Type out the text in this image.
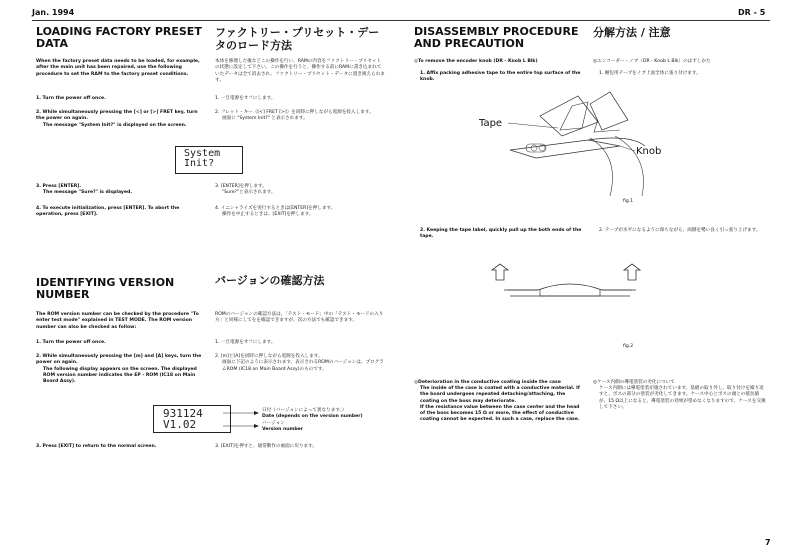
Jan. 1994	DR - 5
LOADING FACTORY PRESET
DATA
ファクトリー・プリセット・デー
タのロード方法

When the factory preset data needs to be loaded, for example, after the main unit has been repaired, use the following procedure to set the RAM to the factory preset conditions.

本体を修理した後などこの操作を行い、RAMの内容をファクトリー・プリセットの状態に設定して下さい。この操作を行うと、操作する前にRAMに書き込まれていたデータは全て消去され、ファクトリー・プリセット・データに置き換えられます。

1. Turn the power off once.	1. 一旦電源をオフにします。

2. While simultaneously pressing the [<] or [>] FRET key, turn the power on again.

The message "System Init?" is displayed on the screen.

2. フレット・キー（[<] FRET [>]）を同時に押しながら電源を投入します。

画面に "System Init?" と表示されます。

System
Init?

3. Press [ENTER].

The message "Sure?" is displayed.

3. [ENTER]を押します。

"Sure?"と表示されます。

4. To execute initialization, press [ENTER]. To abort the operation, press [EXIT].

4. イニシャライズを実行するときは[ENTER]を押します。

操作を中止するときは、[EXIT]を押します。

IDENTIFYING VERSION
NUMBER
バージョンの確認方法

The ROM version number can be checked by the procedure "To enter test mode" explained in TEST MODE. The ROM version number can also be checked as follow:

ROMのバージョンの確認方法は、「テスト・モード」中の「テスト・モードの入り方」と同様にしてをを確認できますが、次の方法でも確認できます。

1. Turn the power off once.	1. 一旦電源をオフにします。

2. While simultaneously pressing the [m] and [A] keys, turn the power on again.

The following display appears on the screen. The displayed ROM version number indicates the EP - ROM (IC18 on Main Board Assy).

2. [m]と[A]を同時に押しながら電源を投入します。

画面に下記のように表示されます。表示されるROMのバージョンは、プログラムROM (IC18 on Main Board Assy)のものです。

931124
V1.02

日付（バージョンによって異なります。）

Date (depends on the version number)

バージョン

Version number

3. Press [EXIT] to return to the normal screen.	3. [EXIT]を押すと、通常動作の画面に戻ります。

DISASSEMBLY PROCEDURE
AND PRECAUTION
分解方法 / 注意

◎To remove the encoder knob (DR - Knob L Blk)	◎エンコーダー・ノブ（DR - Knob L Blk）のはずしかた

1. Affix packing adhesive tape to the entire top surface of the knob.

1. 梱包用テープをノブ上面全体に張り付けます。

Tape
Knob
fig.1

2. Keeping the tape label, quickly pull up the both ends of the tape.

2. テープが水平になるように保ちながら、両側を勢い良く引っ張り上げます。

fig.2

◎Deterioration in the conductive coating inside the case

The inside of the case is coated with a conductive material. If the board undergoes repeated detaching/attaching, the coating on the boss may deteriorate.

If the resistance value between the case center and the head of the boss becomes 15 Ω or more, the effect of conductive coating cannot be expected. In such a case, replace the case.

◎ケース内側の導電塗装の劣化について

ケース内側には導電塗装が施されています。基板の取り外し、取り付けを繰り返すと、ボスの部分の塗装が劣化してきます。ケース中心とボスの頭との抵抗値が、15 Ω以上になると、導電塗装の効果が望めなくなりますので、ケースを交換して下さい。

7
